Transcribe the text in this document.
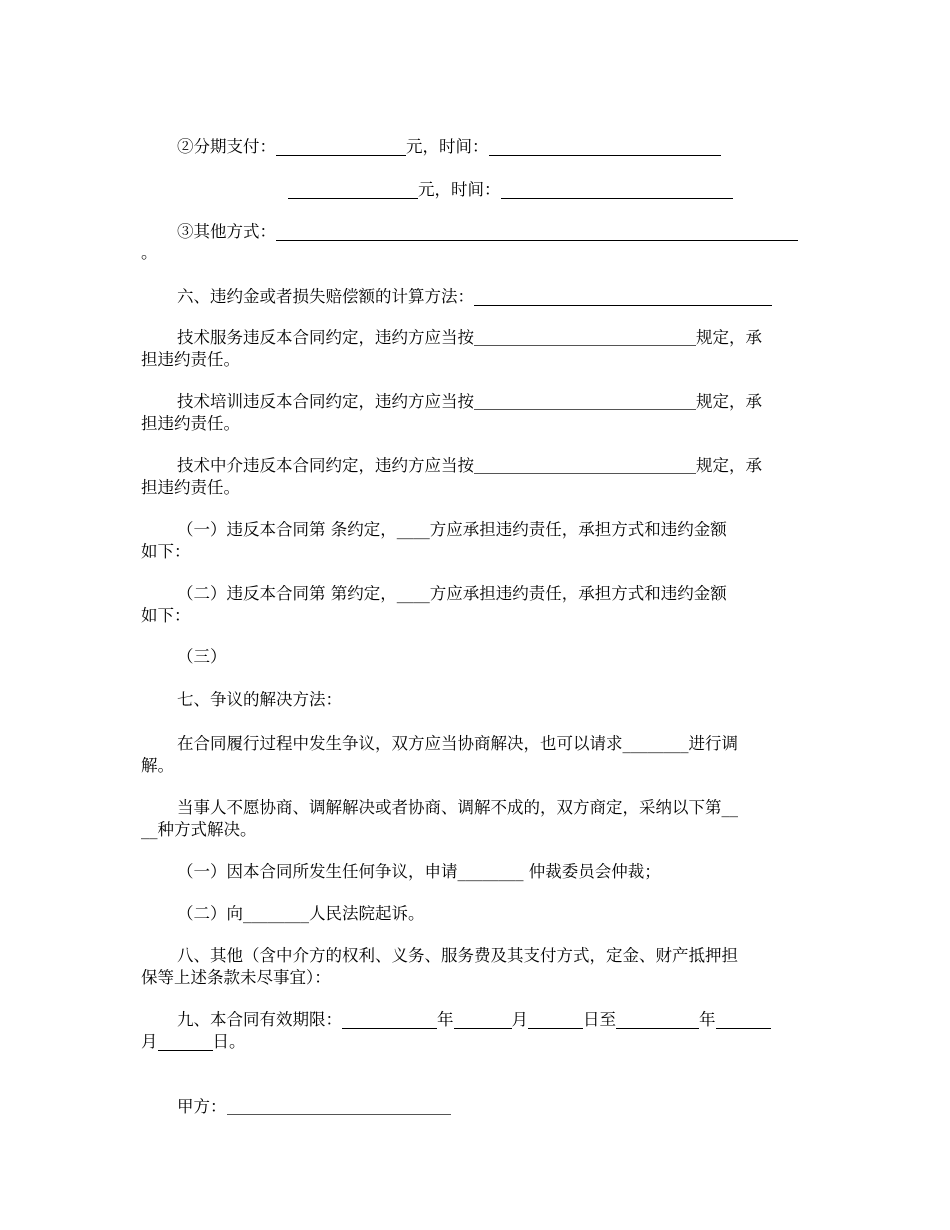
②分期支付：	元，时间：
元，时间：
③其他方式：
。
六、违约金或者损失赔偿额的计算方法：
技术服务违反本合同约定，违约方应当按	规定，承
担违约责任。
技术培训违反本合同约定，违约方应当按	规定，承
担违约责任。
技术中介违反本合同约定，违约方应当按	规定，承
担违约责任。
（一）违反本合同第 条约定，____方应承担违约责任，承担方式和违约金额
如下：
（二）违反本合同第 第约定，____方应承担违约责任，承担方式和违约金额
如下：
（三）
七、争议的解决方法：
在合同履行过程中发生争议，双方应当协商解决，也可以请求________进行调
解。
当事人不愿协商、调解解决或者协商、调解不成的，双方商定，采纳以下第__
__种方式解决。
（一）因本合同所发生任何争议，申请________ 仲裁委员会仲裁；
（二）向________人民法院起诉。
八、其他（含中介方的权利、义务、服务费及其支付方式，定金、财产抵押担
保等上述条款未尽事宜）：
九、本合同有效期限：	年	月	日至	年
月	日。
甲方：
